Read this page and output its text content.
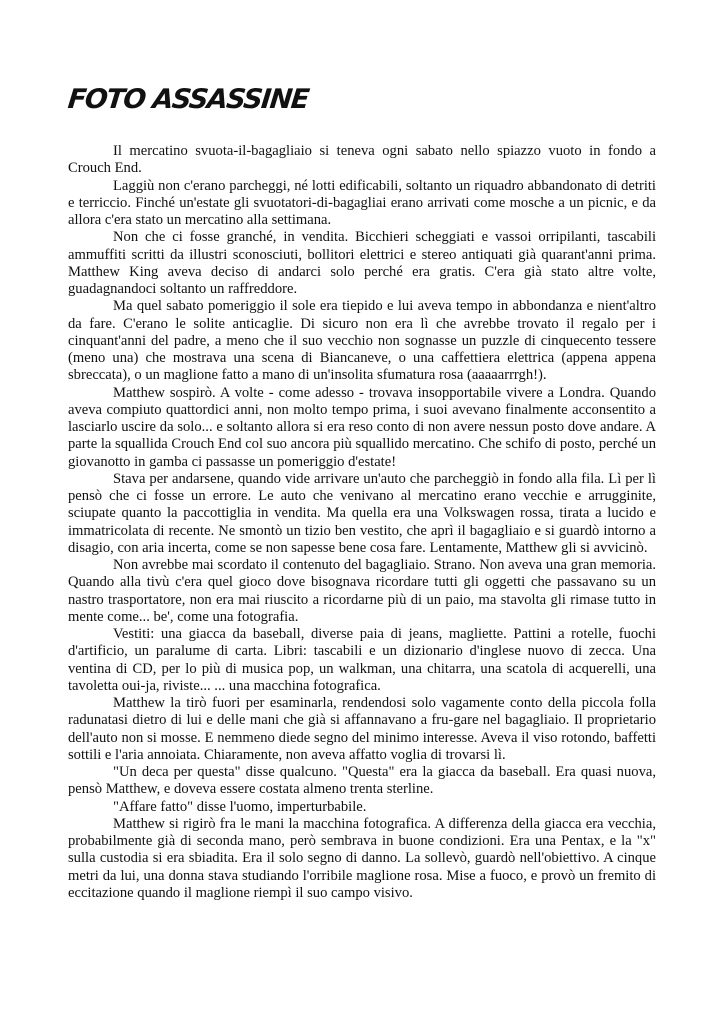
FOTO ASSASSINE

Il mercatino svuota-il-bagagliaio si teneva ogni sabato nello spiazzo vuoto in fondo a Crouch End.

Laggiù non c'erano parcheggi, né lotti edificabili, soltanto un riquadro abbandonato di detriti e terriccio. Finché un'estate gli svuotatori-di-bagagliai erano arrivati come mosche a un picnic, e da allora c'era stato un mercatino alla settimana.

Non che ci fosse granché, in vendita. Bicchieri scheggiati e vassoi orripilanti, tascabili ammuffiti scritti da illustri sconosciuti, bollitori elettrici e stereo antiquati già quarant'anni prima. Matthew King aveva deciso di andarci solo perché era gratis. C'era già stato altre volte, guadagnandoci soltanto un raffreddore.

Ma quel sabato pomeriggio il sole era tiepido e lui aveva tempo in abbondanza e nient'altro da fare. C'erano le solite anticaglie. Di sicuro non era lì che avrebbe trovato il regalo per i cinquant'anni del padre, a meno che il suo vecchio non sognasse un puzzle di cinquecento tessere (meno una) che mostrava una scena di Biancaneve, o una caffettiera elettrica (appena appena sbreccata), o un maglione fatto a mano di un'insolita sfumatura rosa (aaaaarrrgh!).

Matthew sospirò. A volte - come adesso - trovava insopportabile vivere a Londra. Quando aveva compiuto quattordici anni, non molto tempo prima, i suoi avevano finalmente acconsentito a lasciarlo uscire da solo... e soltanto allora si era reso conto di non avere nessun posto dove andare. A parte la squallida Crouch End col suo ancora più squallido mercatino. Che schifo di posto, perché un giovanotto in gamba ci passasse un pomeriggio d'estate!

Stava per andarsene, quando vide arrivare un'auto che parcheggiò in fondo alla fila. Lì per lì pensò che ci fosse un errore. Le auto che venivano al mercatino erano vecchie e arrugginite, sciupate quanto la paccottiglia in vendita. Ma quella era una Volkswagen rossa, tirata a lucido e immatricolata di recente. Ne smontò un tizio ben vestito, che aprì il bagagliaio e si guardò intorno a disagio, con aria incerta, come se non sapesse bene cosa fare. Lentamente, Matthew gli si avvicinò.

Non avrebbe mai scordato il contenuto del bagagliaio. Strano. Non aveva una gran memoria. Quando alla tivù c'era quel gioco dove bisognava ricordare tutti gli oggetti che passavano su un nastro trasportatore, non era mai riuscito a ricordarne più di un paio, ma stavolta gli rimase tutto in mente come... be', come una fotografia.

Vestiti: una giacca da baseball, diverse paia di jeans, magliette. Pattini a rotelle, fuochi d'artificio, un paralume di carta. Libri: tascabili e un dizionario d'inglese nuovo di zecca. Una ventina di CD, per lo più di musica pop, un walkman, una chitarra, una scatola di acquerelli, una tavoletta oui-ja, riviste... ... una macchina fotografica.

Matthew la tirò fuori per esaminarla, rendendosi solo vagamente conto della piccola folla radunatasi dietro di lui e delle mani che già si affannavano a fru-gare nel bagagliaio. Il proprietario dell'auto non si mosse. E nemmeno diede segno del minimo interesse. Aveva il viso rotondo, baffetti sottili e l'aria annoiata. Chiaramente, non aveva affatto voglia di trovarsi lì.

"Un deca per questa" disse qualcuno. "Questa" era la giacca da baseball. Era quasi nuova, pensò Matthew, e doveva essere costata almeno trenta sterline.

"Affare fatto" disse l'uomo, imperturbabile.

Matthew si rigirò fra le mani la macchina fotografica. A differenza della giacca era vecchia, probabilmente già di seconda mano, però sembrava in buone condizioni. Era una Pentax, e la "x" sulla custodia si era sbiadita. Era il solo segno di danno. La sollevò, guardò nell'obiettivo. A cinque metri da lui, una donna stava studiando l'orribile maglione rosa. Mise a fuoco, e provò un fremito di eccitazione quando il maglione riempì il suo campo visivo.
